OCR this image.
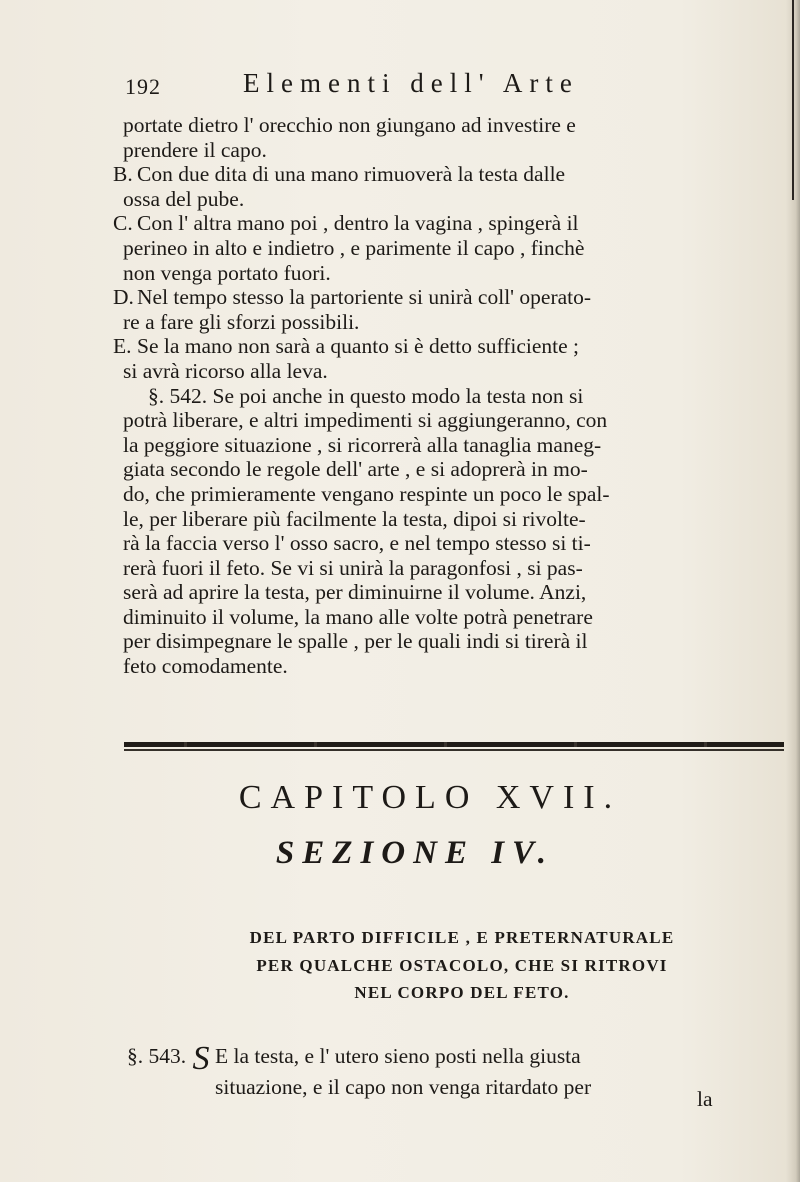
192	Elementi dell' Arte
portate dietro l' orecchio non giungano ad investire e
prendere il capo.
B. Con due dita di una mano rimuoverà la testa dalle
ossa del pube.
C. Con l' altra mano poi , dentro la vagina , spingerà il
perineo in alto e indietro , e parimente il capo , finchè
non venga portato fuori.
D. Nel tempo stesso la partoriente si unirà coll' operato-
re a fare gli sforzi possibili.
E. Se la mano non sarà a quanto si è detto sufficiente ;
si avrà ricorso alla leva.
§. 542. Se poi anche in questo modo la testa non si
potrà liberare, e altri impedimenti si aggiungeranno, con
la peggiore situazione , si ricorrerà alla tanaglia maneg-
giata secondo le regole dell' arte , e si adoprerà in mo-
do, che primieramente vengano respinte un poco le spal-
le, per liberare più facilmente la testa, dipoi si rivolte-
rà la faccia verso l' osso sacro, e nel tempo stesso si ti-
rerà fuori il feto. Se vi si unirà la paragonfosi , si pas-
serà ad aprire la testa, per diminuirne il volume. Anzi,
diminuito il volume, la mano alle volte potrà penetrare
per disimpegnare le spalle , per le quali indi si tirerà il
feto comodamente.
CAPITOLO XVII.
SEZIONE IV.
DEL PARTO DIFFICILE , E PRETERNATURALE
PER QUALCHE OSTACOLO, CHE SI RITROVI
NEL CORPO DEL FETO.
§. 543. S E la testa, e l' utero sieno posti nella giusta
situazione, e il capo non venga ritardato per	la
